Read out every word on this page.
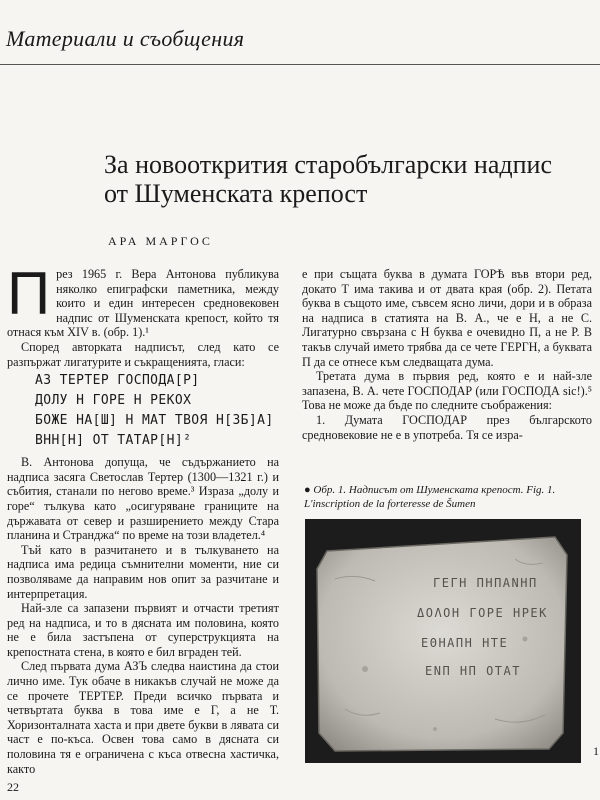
Материали и съобщения
За новооткрития старобългарски надпис
от Шуменската крепост
АРА МАРГОС

През 1965 г. Вера Антонова публикува няколко епиграфски паметника, между които и един интересен средновековен надпис от Шуменската крепост, който тя отнася към XIV в. (обр. 1).¹

Според авторката надписът, след като се разпържат лигатурите и съкращенията, гласи:

АЗ ТЕРТЕР ГОСПОДА[Р]
ДОЛУ Н ГОРЕ Н РЕКОХ
БОЖЕ НА[Ш] Н МАТ ТВОЯ Н[ЗБ]А]
ВНН[Н] ОТ ТАТАР[Н]²

В. Антонова допуща, че съдържанието на надписа засяга Светослав Тертер (1300—1321 г.) и събития, станали по негово време.³ Израза „долу и горе“ тълкува като „осигуряване границите на държавата от север и разширението между Стара планина и Странджа“ по време на този владетел.⁴

Тъй като в разчитането и в тълкуването на надписа има редица съмнителни моменти, ние си позволяваме да направим нов опит за разчитане и интерпретация.

Най-зле са запазени първият и отчасти третият ред на надписа, и то в дясната им половина, която не е била застъпена от суперструкцията на крепостната стена, в която е бил вграден тей.

След първата дума АЗЪ следва наистина да стои лично име. Тук обаче в никакъв случай не може да се прочете ТЕРТЕР. Преди всичко първата и четвъртата буква в това име е Г, а не Т. Хоризонталната хаста и при двете букви в лявата си част е по-къса. Освен това само в дясната си половина тя е ограничена с къса отвесна хастичка, както

е при същата буква в думата ГОРѢ във втори ред, докато Т има такива и от двата края (обр. 2). Петата буква в същото име, съвсем ясно личи, дори и в образа на надписа в статията на В. А., че е Н, а не С. Лигатурно свързана с Н буква е очевидно П, а не Р. В такъв случай името трябва да се чете ГЕРГН, а буквата П да се отнесе към следващата дума.

Третата дума в първия ред, която е и най-зле запазена, В. А. чете ГОСПОДАР (или ГОСПОДА sic!).⁵ Това не може да бъде по следните съображения:

1. Думата ГОСПОДАР през българското средновековие не е в употреба. Тя се изра-

● Обр. 1. Надписът от Шуменската крепост. Fig. 1. L'inscription de la forteresse de Šumen
ΓΕΓΗ ΠΗΠΑΝΗΠ
ΔΟΛΟΗ ΓΟΡΕ ΗΡΕΚ
ΕΘΗΑΠΗ ΗΤΕ
ΕΝΠ ΗΠ ΟΤΑΤ
22
1
